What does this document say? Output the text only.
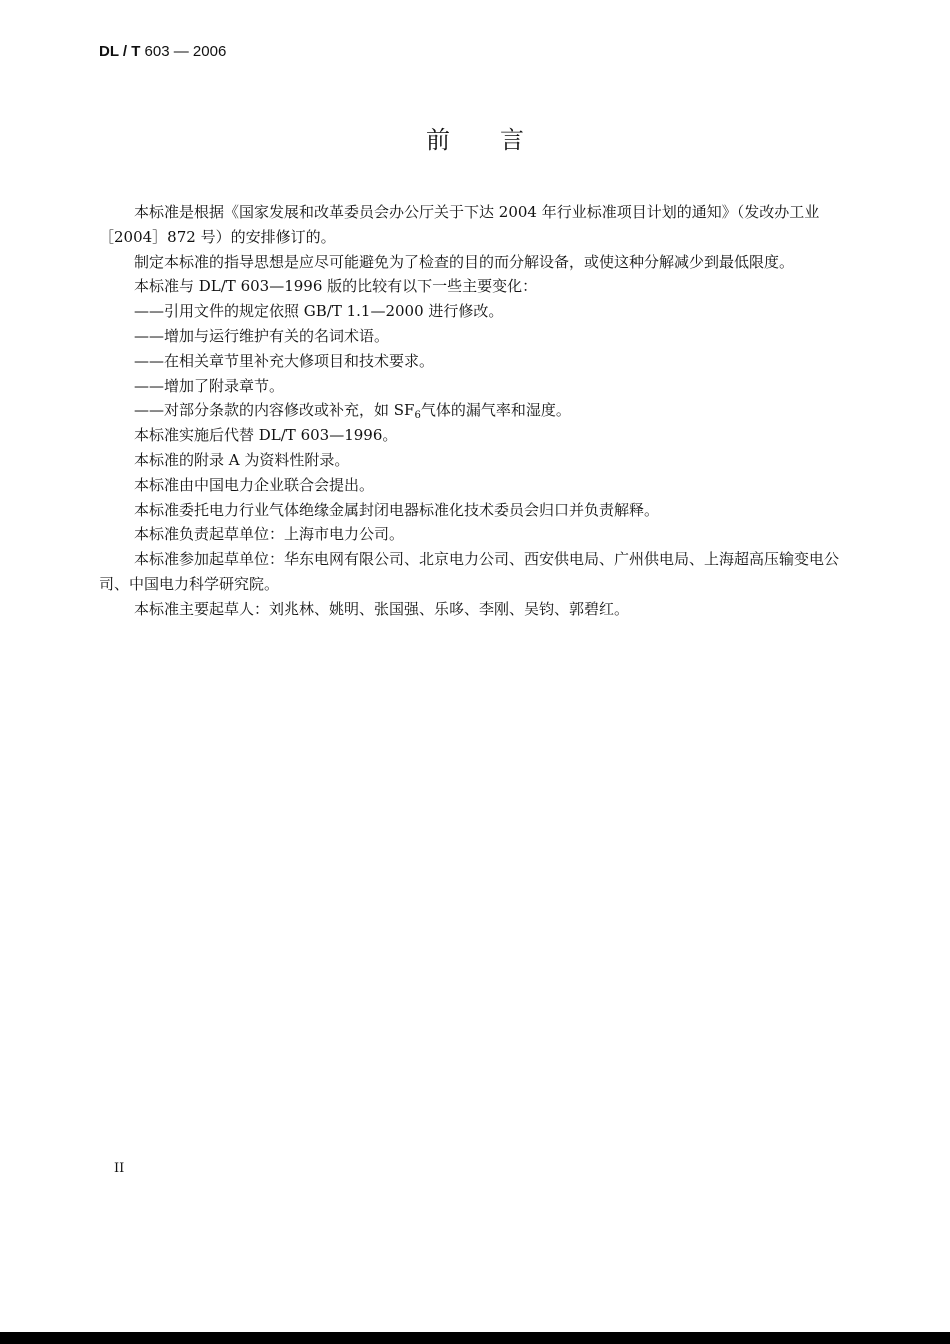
DL / T 603 — 2006
前言

本标准是根据《国家发展和改革委员会办公厅关于下达 2004 年行业标准项目计划的通知》（发改办工业［2004］872 号）的安排修订的。

制定本标准的指导思想是应尽可能避免为了检查的目的而分解设备，或使这种分解减少到最低限度。

本标准与 DL/T 603—1996 版的比较有以下一些主要变化：

——引用文件的规定依照 GB/T 1.1—2000 进行修改。

——增加与运行维护有关的名词术语。

——在相关章节里补充大修项目和技术要求。

——增加了附录章节。

——对部分条款的内容修改或补充，如 $SF_6$气体的漏气率和湿度。

本标准实施后代替 DL/T 603—1996。

本标准的附录 A 为资料性附录。

本标准由中国电力企业联合会提出。

本标准委托电力行业气体绝缘金属封闭电器标准化技术委员会归口并负责解释。

本标准负责起草单位：上海市电力公司。

本标准参加起草单位：华东电网有限公司、北京电力公司、西安供电局、广州供电局、上海超高压输变电公司、中国电力科学研究院。

本标准主要起草人：刘兆林、姚明、张国强、乐哆、李刚、吴钧、郭碧红。

II
